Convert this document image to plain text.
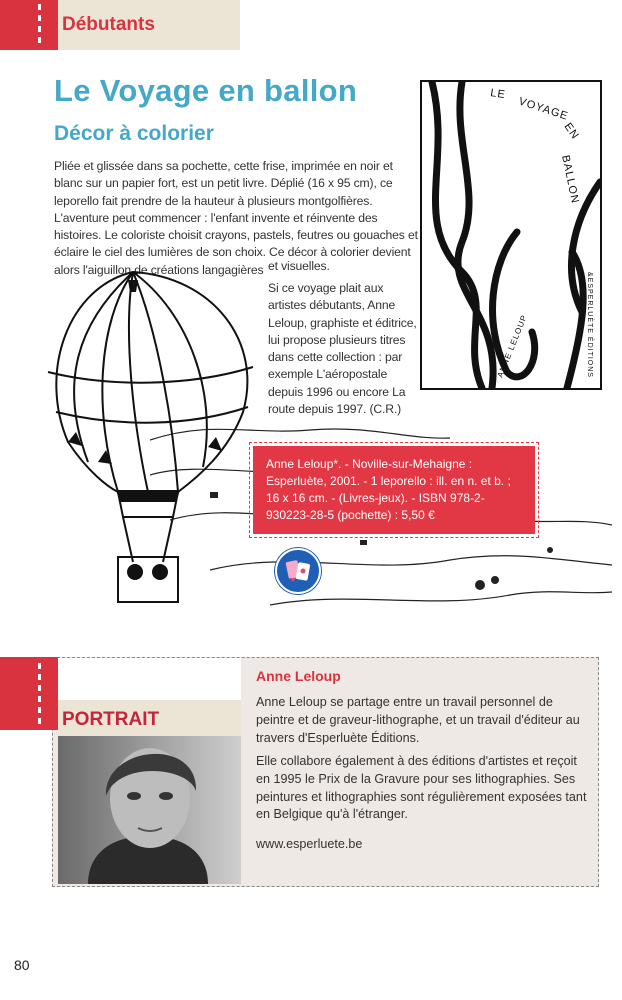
Débutants
Le Voyage en ballon
Décor à colorier

Pliée et glissée dans sa pochette, cette frise, imprimée en noir et blanc sur un papier fort, est un petit livre. Déplié (16 x 95 cm), ce leporello fait prendre de la hauteur à plusieurs montgolfières. L'aventure peut commencer : l'enfant invente et réinvente des histoires. Le coloriste choisit crayons, pastels, feutres ou gouaches et éclaire le ciel des lumières de son choix. Ce décor à colorier devient alors l'aiguillon de créations langagières et visuelles.

Si ce voyage plait aux artistes débutants, Anne Leloup, graphiste et éditrice, lui propose plusieurs titres dans cette collection : par exemple L'aéropostale depuis 1996 ou encore La route depuis 1997. (C.R.)

LE
VOYAGE
EN
BALLON
ANNE LELOUP	&ESPERLUÈTE ÉDITIONS

Anne Leloup*. - Noville-sur-Mehaigne : Esperluète, 2001. - 1 leporello : ill. en n. et b. ; 16 x 16 cm. - (Livres-jeux). - ISBN 978-2-930223-28-5 (pochette) : 5,50 €

PORTRAIT
Anne Leloup

Anne Leloup se partage entre un travail personnel de peintre et de graveur-lithographe, et un travail d'éditeur au travers d'Esperluète Éditions.

Elle collabore également à des éditions d'artistes et reçoit en 1995 le Prix de la Gravure pour ses lithographies. Ses peintures et lithographies sont régulièrement exposées tant en Belgique qu'à l'étranger.

www.esperluete.be
80
